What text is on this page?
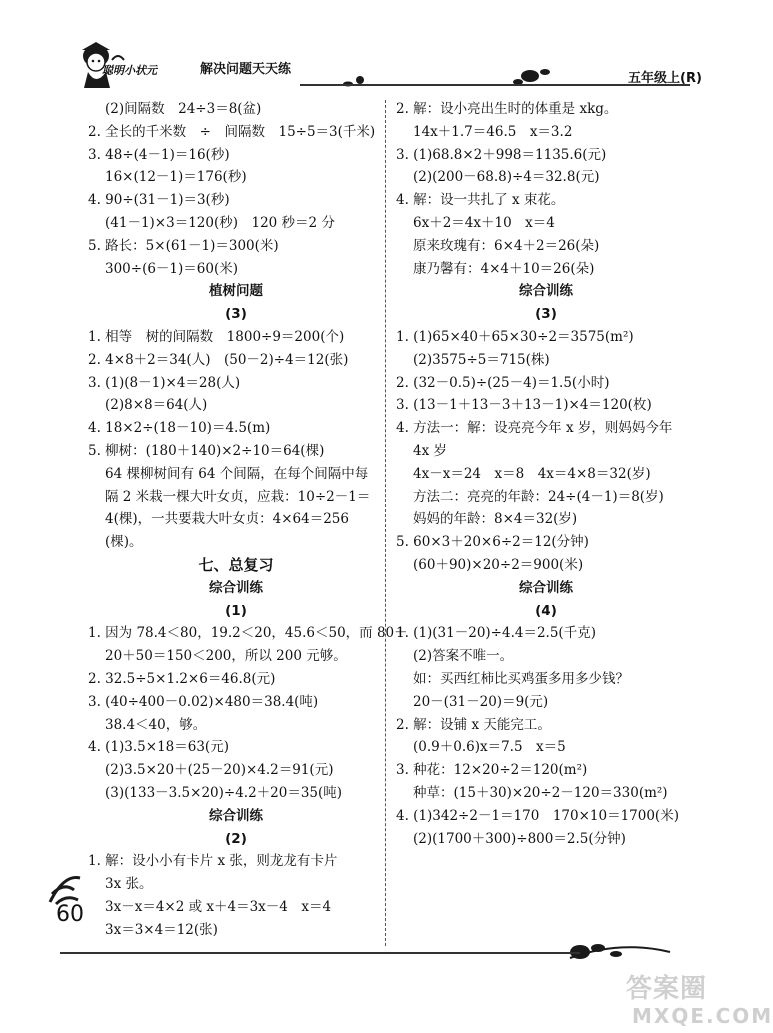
聪明小状元	解决问题天天练
五年级上(R)
(2)间隔数　24÷3＝8(盆)
2. 全长的千米数　÷　间隔数　15÷5＝3(千米)
3. 48÷(4－1)＝16(秒)
16×(12－1)＝176(秒)
4. 90÷(31－1)＝3(秒)
(41－1)×3＝120(秒)　120 秒＝2 分
5. 路长：5×(61－1)＝300(米)
300÷(6－1)＝60(米)
植树问题
(3)
1. 相等　树的间隔数　1800÷9＝200(个)
2. 4×8＋2＝34(人)　(50－2)÷4＝12(张)
3. (1)(8－1)×4＝28(人)
(2)8×8＝64(人)
4. 18×2÷(18－10)＝4.5(m)
5. 柳树：(180＋140)×2÷10＝64(棵)
64 棵柳树间有 64 个间隔，在每个间隔中每
隔 2 米栽一棵大叶女贞，应栽：10÷2－1＝
4(棵)，一共要栽大叶女贞：4×64＝256
(棵)。
七、总复习
综合训练
(1)
1. 因为 78.4＜80，19.2＜20，45.6＜50，而 80＋
20＋50＝150＜200，所以 200 元够。
2. 32.5÷5×1.2×6＝46.8(元)
3. (40÷400－0.02)×480＝38.4(吨)
38.4＜40，够。
4. (1)3.5×18＝63(元)
(2)3.5×20＋(25－20)×4.2＝91(元)
(3)(133－3.5×20)÷4.2＋20＝35(吨)
综合训练
(2)
1. 解：设小小有卡片 x 张，则龙龙有卡片
3x 张。
3x－x＝4×2 或 x＋4＝3x－4　x＝4
3x＝3×4＝12(张)
2. 解：设小亮出生时的体重是 xkg。
14x＋1.7＝46.5　x＝3.2
3. (1)68.8×2＋998＝1135.6(元)
(2)(200－68.8)÷4＝32.8(元)
4. 解：设一共扎了 x 束花。
6x＋2＝4x＋10　x＝4
原来玫瑰有：6×4＋2＝26(朵)
康乃馨有：4×4＋10＝26(朵)
综合训练
(3)
1. (1)65×40＋65×30÷2＝3575(m²)
(2)3575÷5＝715(株)
2. (32－0.5)÷(25－4)＝1.5(小时)
3. (13－1＋13－3＋13－1)×4＝120(枚)
4. 方法一：解：设亮亮今年 x 岁，则妈妈今年
4x 岁
4x－x＝24　x＝8　4x＝4×8＝32(岁)
方法二：亮亮的年龄：24÷(4－1)＝8(岁)
妈妈的年龄：8×4＝32(岁)
5. 60×3＋20×6÷2＝12(分钟)
(60＋90)×20÷2＝900(米)
综合训练
(4)
1. (1)(31－20)÷4.4＝2.5(千克)
(2)答案不唯一。
如：买西红柿比买鸡蛋多用多少钱？
20－(31－20)＝9(元)
2. 解：设铺 x 天能完工。
(0.9＋0.6)x＝7.5　x＝5
3. 种花：12×20÷2＝120(m²)
种草：(15＋30)×20÷2－120＝330(m²)
4. (1)342÷2－1＝170　170×10＝1700(米)
(2)(1700＋300)÷800＝2.5(分钟)
60
答案圈
MXQE.COM
